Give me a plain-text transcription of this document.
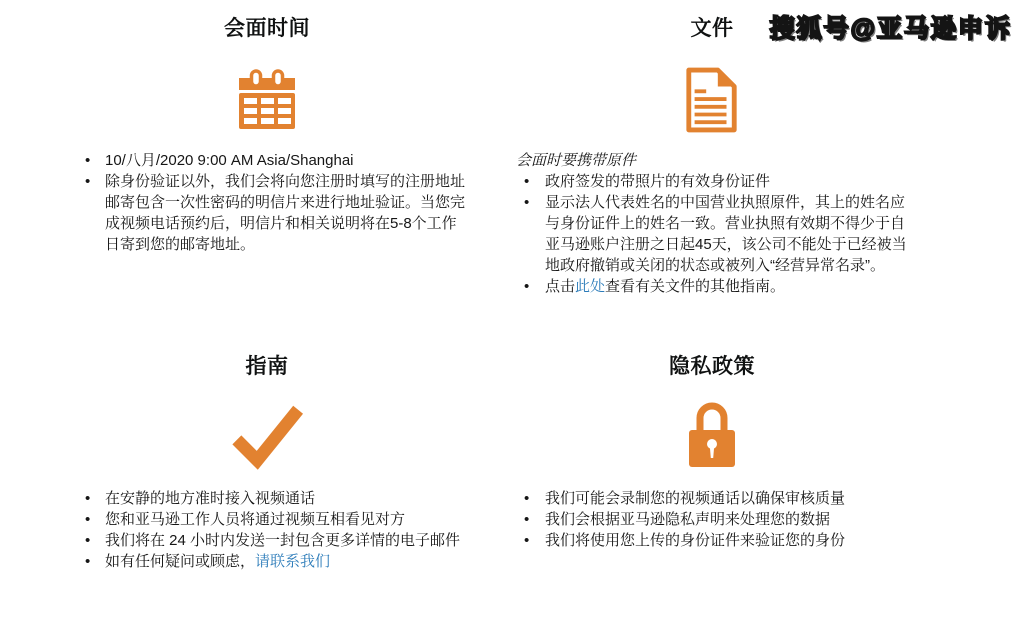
会面时间
• 10/八月/2020 9:00 AM Asia/Shanghai
• 除身份验证以外，我们会将向您注册时填写的注册地址邮寄包含一次性密码的明信片来进行地址验证。当您完成视频电话预约后，明信片和相关说明将在5-8个工作日寄到您的邮寄地址。
文件
会面时要携带原件
• 政府签发的带照片的有效身份证件
• 显示法人代表姓名的中国营业执照原件，其上的姓名应与身份证件上的姓名一致。营业执照有效期不得少于自亚马逊账户注册之日起45天，该公司不能处于已经被当地政府撤销或关闭的状态或被列入“经营异常名录”。
• 点击此处查看有关文件的其他指南。
指南
• 在安静的地方准时接入视频通话
• 您和亚马逊工作人员将通过视频互相看见对方
• 我们将在 24 小时内发送一封包含更多详情的电子邮件
• 如有任何疑问或顾虑，请联系我们
隐私政策
• 我们可能会录制您的视频通话以确保审核质量
• 我们会根据亚马逊隐私声明来处理您的数据
• 我们将使用您上传的身份证件来验证您的身份
搜狐号@亚马逊申诉
